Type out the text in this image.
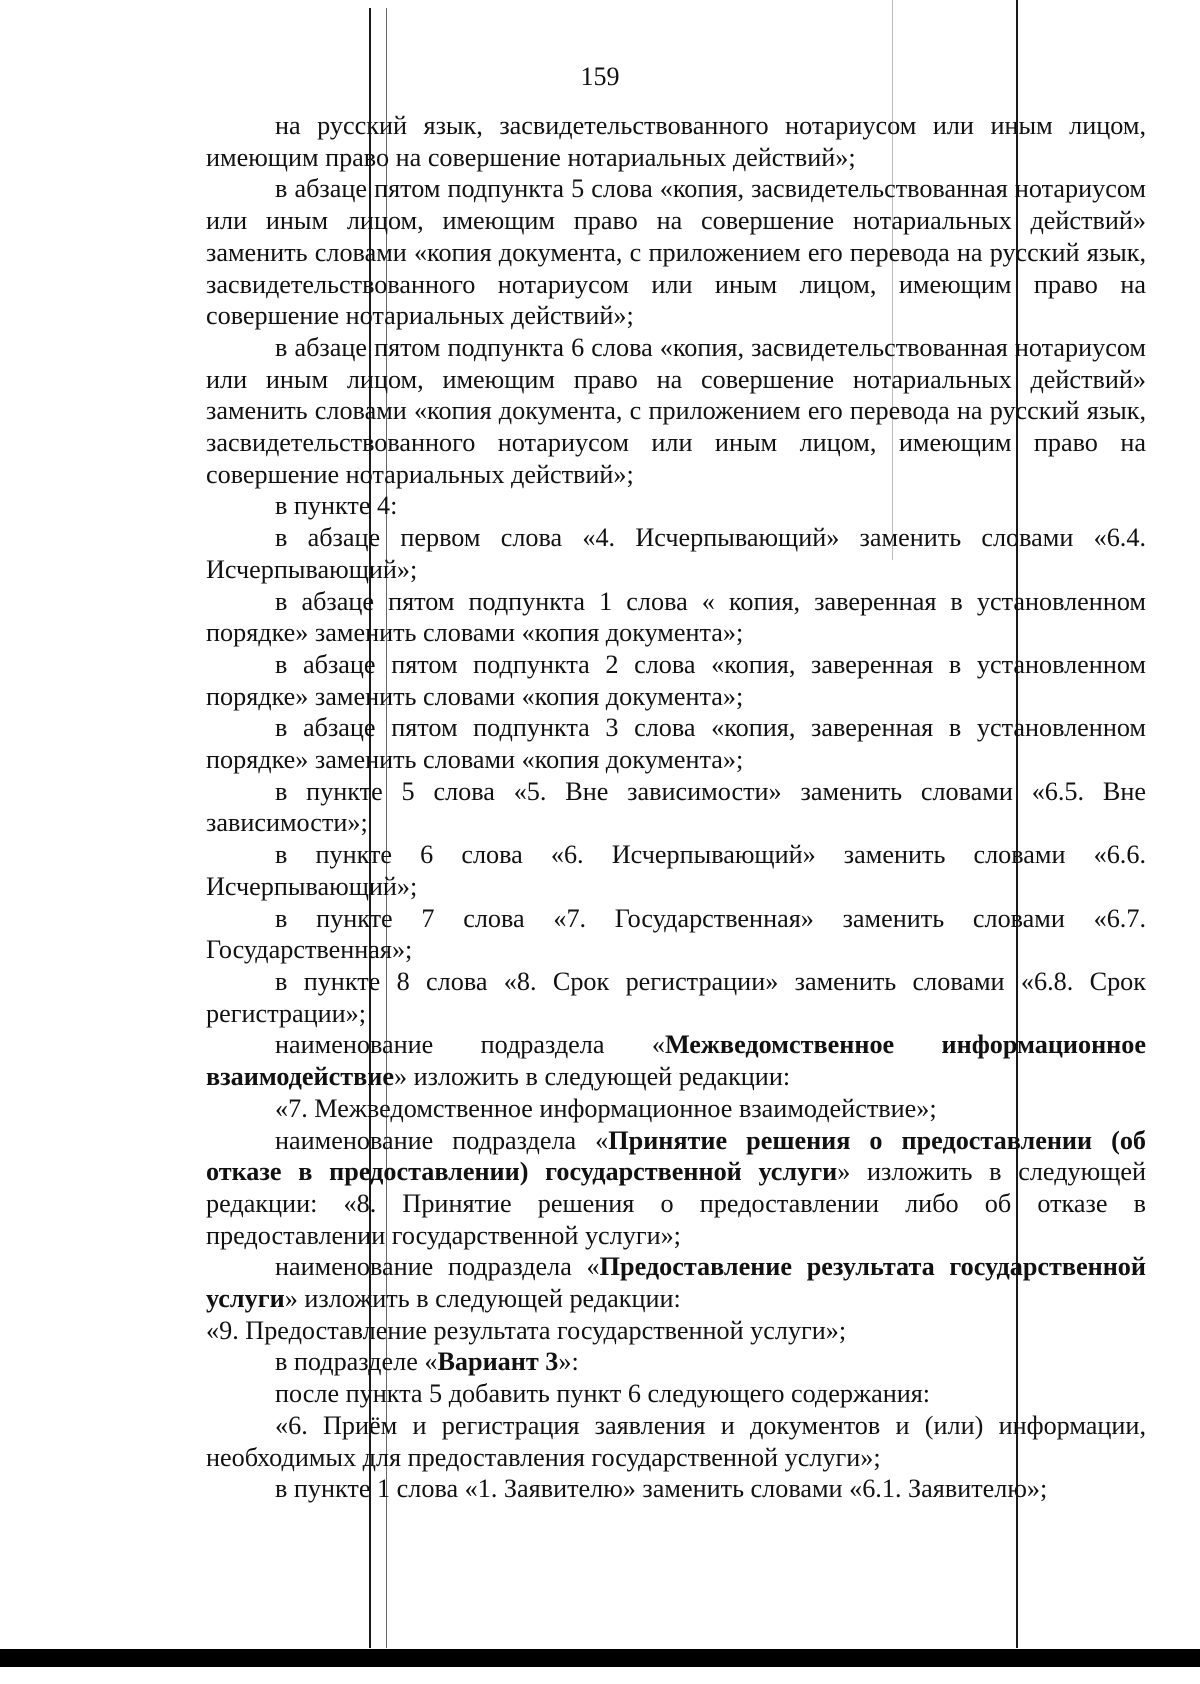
159

на русский язык, засвидетельствованного нотариусом или иным лицом, имеющим право на совершение нотариальных действий»;

в абзаце пятом подпункта 5 слова «копия, засвидетельствованная нотариусом или иным лицом, имеющим право на совершение нотариальных действий» заменить словами «копия документа, с приложением его перевода на русский язык, засвидетельствованного нотариусом или иным лицом, имеющим право на совершение нотариальных действий»;

в абзаце пятом подпункта 6 слова «копия, засвидетельствованная нотариусом или иным лицом, имеющим право на совершение нотариальных действий» заменить словами «копия документа, с приложением его перевода на русский язык, засвидетельствованного нотариусом или иным лицом, имеющим право на совершение нотариальных действий»;

в пункте 4:

в абзаце первом слова «4. Исчерпывающий» заменить словами «6.4. Исчерпывающий»;

в абзаце пятом подпункта 1 слова « копия, заверенная в установленном порядке» заменить словами «копия документа»;

в абзаце пятом подпункта 2 слова «копия, заверенная в установленном порядке» заменить словами «копия документа»;

в абзаце пятом подпункта 3 слова «копия, заверенная в установленном порядке» заменить словами «копия документа»;

в пункте 5 слова «5. Вне зависимости» заменить словами «6.5. Вне зависимости»;

в пункте 6 слова «6. Исчерпывающий» заменить словами «6.6. Исчерпывающий»;

в пункте 7 слова «7. Государственная» заменить словами «6.7. Государственная»;

в пункте 8 слова «8. Срок регистрации» заменить словами «6.8. Срок регистрации»;

наименование подраздела «Межведомственное информационное взаимодействие» изложить в следующей редакции:

«7. Межведомственное информационное взаимодействие»;

наименование подраздела «Принятие решения о предоставлении (об отказе в предоставлении) государственной услуги» изложить в следующей редакции: «8. Принятие решения о предоставлении либо об отказе в предоставлении государственной услуги»;

наименование подраздела «Предоставление результата государственной услуги» изложить в следующей редакции:

«9. Предоставление результата государственной услуги»;

в подразделе «Вариант 3»:

после пункта 5 добавить пункт 6 следующего содержания:

«6. Приём и регистрация заявления и документов и (или) информации, необходимых для предоставления государственной услуги»;

в пункте 1 слова «1. Заявителю» заменить словами «6.1. Заявителю»;
